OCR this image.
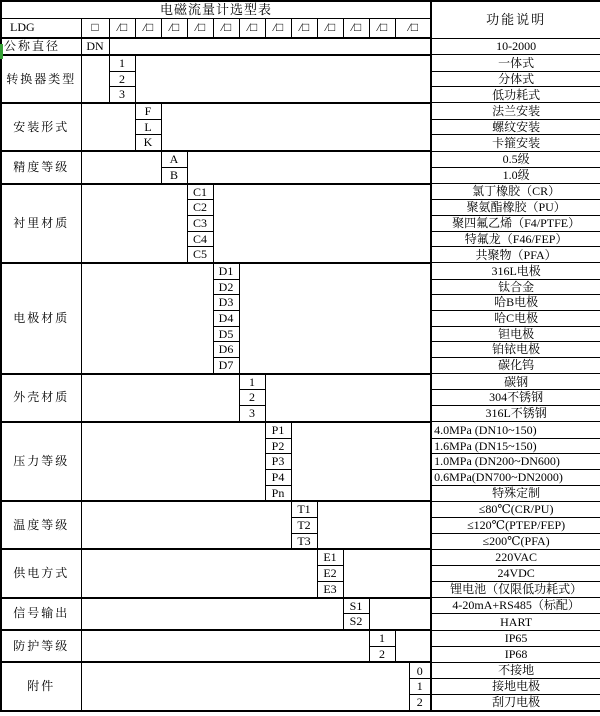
电磁流量计选型表															功能说明
LDG	□	/□	/□	/□	/□	/□	/□	/□	/□	/□	/□	/□	/□		
公称直径	DN														10-2000
转换器类型		1													一体式
		2													分体式
		3													低功耗式
安装形式			F												法兰安装
			L												螺纹安装
			K												卡箍安装
精度等级				A											0.5级
				B											1.0级
衬里材质					C1										氯丁橡胶（CR）
					C2										聚氨酯橡胶（PU）
					C3										聚四氟乙烯（F4/PTFE）
					C4										特氟龙（F46/FEP）
					C5										共聚物（PFA）
电极材质						D1									316L电极
						D2									钛合金
						D3									哈B电极
						D4									哈C电极
						D5									钽电极
						D6									铂铱电极
						D7									碳化钨
外壳材质							1								碳钢
							2								304不锈钢
							3								316L不锈钢
压力等级								P1							4.0MPa (DN10~150)
								P2							1.6MPa (DN15~150)
								P3							1.0MPa (DN200~DN600)
								P4							0.6MPa(DN700~DN2000)
								Pn							特殊定制
温度等级									T1						≤80℃(CR/PU)
									T2						≤120℃(PTEP/FEP)
									T3						≤200℃(PFA)
供电方式										E1					220VAC
										E2					24VDC
										E3					锂电池（仅限低功耗式）
信号输出											S1				4-20mA+RS485（标配）
											S2				HART
防护等级												1			IP65
												2			IP68
附件														0	不接地
														1	接地电极
														2	刮刀电极
